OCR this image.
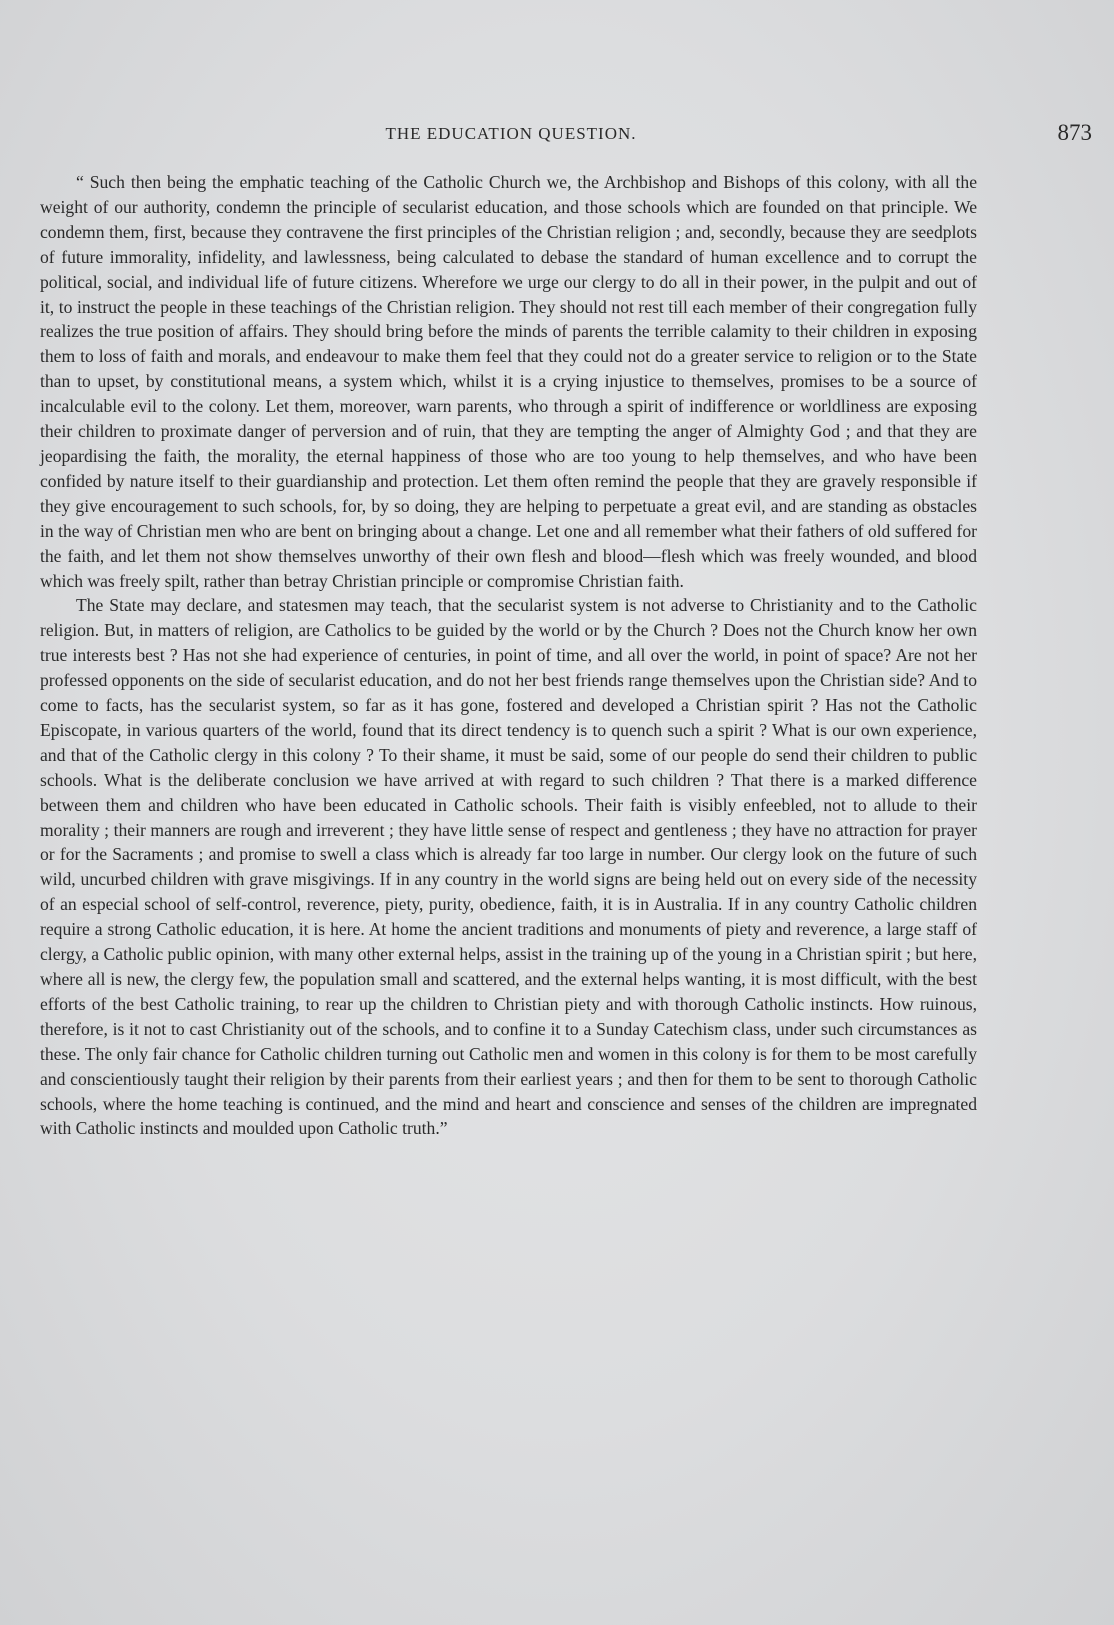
THE EDUCATION QUESTION.	873

“ Such then being the emphatic teaching of the Catholic Church we, the Archbishop and Bishops of this colony, with all the weight of our authority, condemn the principle of secularist education, and those schools which are founded on that principle. We condemn them, first, because they contravene the first principles of the Christian religion ; and, secondly, because they are seedplots of future immorality, infidelity, and lawlessness, being calculated to debase the standard of human excellence and to corrupt the political, social, and individual life of future citizens. Wherefore we urge our clergy to do all in their power, in the pulpit and out of it, to instruct the people in these teachings of the Christian religion. They should not rest till each member of their congregation fully realizes the true position of affairs. They should bring before the minds of parents the terrible calamity to their children in exposing them to loss of faith and morals, and endeavour to make them feel that they could not do a greater service to religion or to the State than to upset, by constitutional means, a system which, whilst it is a crying injustice to themselves, promises to be a source of incalculable evil to the colony. Let them, moreover, warn parents, who through a spirit of indifference or worldliness are exposing their children to proximate danger of perversion and of ruin, that they are tempting the anger of Almighty God ; and that they are jeopardising the faith, the morality, the eternal happiness of those who are too young to help themselves, and who have been confided by nature itself to their guardianship and protection. Let them often remind the people that they are gravely responsible if they give encouragement to such schools, for, by so doing, they are helping to perpetuate a great evil, and are standing as obstacles in the way of Christian men who are bent on bringing about a change. Let one and all remember what their fathers of old suffered for the faith, and let them not show themselves unworthy of their own flesh and blood—flesh which was freely wounded, and blood which was freely spilt, rather than betray Christian principle or compromise Christian faith.

The State may declare, and statesmen may teach, that the secularist system is not adverse to Christianity and to the Catholic religion. But, in matters of religion, are Catholics to be guided by the world or by the Church ? Does not the Church know her own true interests best ? Has not she had experience of centuries, in point of time, and all over the world, in point of space? Are not her professed opponents on the side of secularist education, and do not her best friends range themselves upon the Christian side? And to come to facts, has the secularist system, so far as it has gone, fostered and developed a Christian spirit ? Has not the Catholic Episcopate, in various quarters of the world, found that its direct tendency is to quench such a spirit ? What is our own experience, and that of the Catholic clergy in this colony ? To their shame, it must be said, some of our people do send their children to public schools. What is the deliberate conclusion we have arrived at with regard to such children ? That there is a marked difference between them and children who have been educated in Catholic schools. Their faith is visibly enfeebled, not to allude to their morality ; their manners are rough and irreverent ; they have little sense of respect and gentleness ; they have no attraction for prayer or for the Sacraments ; and promise to swell a class which is already far too large in number. Our clergy look on the future of such wild, uncurbed children with grave misgivings. If in any country in the world signs are being held out on every side of the necessity of an especial school of self-control, reverence, piety, purity, obedience, faith, it is in Australia. If in any country Catholic children require a strong Catholic education, it is here. At home the ancient traditions and monuments of piety and reverence, a large staff of clergy, a Catholic public opinion, with many other external helps, assist in the training up of the young in a Christian spirit ; but here, where all is new, the clergy few, the population small and scattered, and the external helps wanting, it is most difficult, with the best efforts of the best Catholic training, to rear up the children to Christian piety and with thorough Catholic instincts. How ruinous, therefore, is it not to cast Christianity out of the schools, and to confine it to a Sunday Catechism class, under such circumstances as these. The only fair chance for Catholic children turning out Catholic men and women in this colony is for them to be most carefully and conscientiously taught their religion by their parents from their earliest years ; and then for them to be sent to thorough Catholic schools, where the home teaching is continued, and the mind and heart and conscience and senses of the children are impregnated with Catholic instincts and moulded upon Catholic truth.”
